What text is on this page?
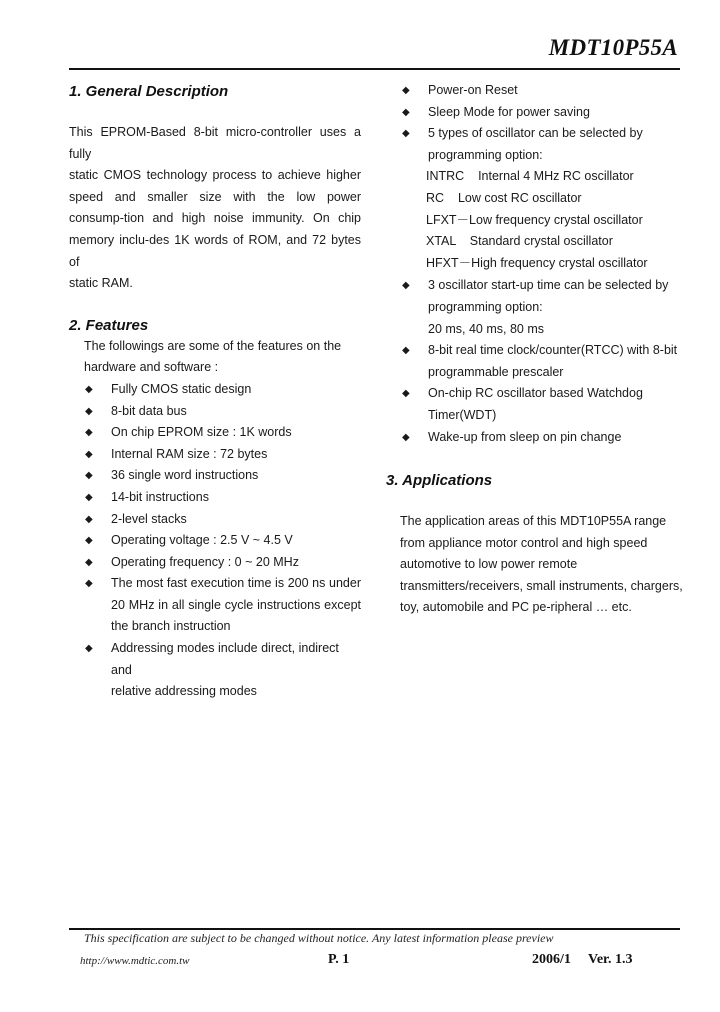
MDT10P55A
1. General Description
This EPROM-Based 8-bit micro-controller uses a fully
static CMOS technology process to achieve higher
speed and smaller size with the low power
consump-tion and high noise immunity. On chip
memory inclu-des 1K words of ROM, and 72 bytes of
static RAM.
2. Features
The followings are some of the features on the
hardware and software :
◆ Fully CMOS static design
◆ 8-bit data bus
◆ On chip EPROM size : 1K words
◆ Internal RAM size : 72 bytes
◆ 36 single word instructions
◆ 14-bit instructions
◆ 2-level stacks
◆ Operating voltage : 2.5 V ~ 4.5 V
◆ Operating frequency : 0 ~ 20 MHz
◆ The most fast execution time is 200 ns under
20 MHz in all single cycle instructions except
the branch instruction
◆ Addressing modes include direct, indirect and
relative addressing modes
◆ Power-on Reset
◆ Sleep Mode for power saving
◆ 5 types of oscillator can be selected by
programming option:
INTRC    Internal 4 MHz RC oscillator
RC    Low cost RC oscillator
LFXT－Low frequency crystal oscillator
XTAL    Standard crystal oscillator
HFXT－High frequency crystal oscillator
◆ 3 oscillator start-up time can be selected by
programming option:
20 ms, 40 ms, 80 ms
◆ 8-bit real time clock/counter(RTCC) with 8-bit
programmable prescaler
◆ On-chip RC oscillator based Watchdog
Timer(WDT)
◆ Wake-up from sleep on pin change
3. Applications
The application areas of this MDT10P55A range
from appliance motor control and high speed
automotive to low power remote
transmitters/receivers, small instruments, chargers,
toy, automobile and PC pe-ripheral … etc.
This specification are subject to be changed without notice. Any latest information please preview
http://www.mdtic.com.tw	P. 1	2006/1 Ver. 1.3
